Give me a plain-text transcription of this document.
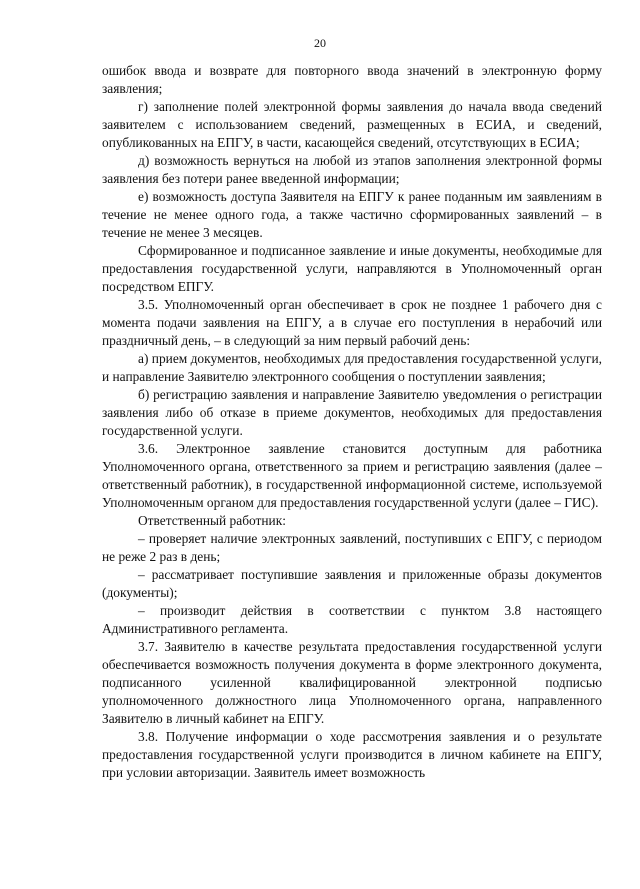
20

ошибок ввода и возврате для повторного ввода значений в электронную форму заявления;

г) заполнение полей электронной формы заявления до начала ввода сведений заявителем с использованием сведений, размещенных в ЕСИА, и сведений, опубликованных на ЕПГУ, в части, касающейся сведений, отсутствующих в ЕСИА;

д) возможность вернуться на любой из этапов заполнения электронной формы заявления без потери ранее введенной информации;

е) возможность доступа Заявителя на ЕПГУ к ранее поданным им заявлениям в течение не менее одного года, а также частично сформированных заявлений – в течение не менее 3 месяцев.

Сформированное и подписанное заявление и иные документы, необходимые для предоставления государственной услуги, направляются в Уполномоченный орган посредством ЕПГУ.

3.5. Уполномоченный орган обеспечивает в срок не позднее 1 рабочего дня с момента подачи заявления на ЕПГУ, а в случае его поступления в нерабочий или праздничный день, – в следующий за ним первый рабочий день:

а) прием документов, необходимых для предоставления государственной услуги, и направление Заявителю электронного сообщения о поступлении заявления;

б) регистрацию заявления и направление Заявителю уведомления о регистрации заявления либо об отказе в приеме документов, необходимых для предоставления государственной услуги.

3.6. Электронное заявление становится доступным для работника Уполномоченного органа, ответственного за прием и регистрацию заявления (далее – ответственный работник), в государственной информационной системе, используемой Уполномоченным органом для предоставления государственной услуги (далее – ГИС).

Ответственный работник:

– проверяет наличие электронных заявлений, поступивших с ЕПГУ, с периодом не реже 2 раз в день;

– рассматривает поступившие заявления и приложенные образы документов (документы);

– производит действия в соответствии с пунктом 3.8 настоящего Административного регламента.

3.7. Заявителю в качестве результата предоставления государственной услуги обеспечивается возможность получения документа в форме электронного документа, подписанного усиленной квалифицированной электронной подписью уполномоченного должностного лица Уполномоченного органа, направленного Заявителю в личный кабинет на ЕПГУ.

3.8. Получение информации о ходе рассмотрения заявления и о результате предоставления государственной услуги производится в личном кабинете на ЕПГУ, при условии авторизации. Заявитель имеет возможность
